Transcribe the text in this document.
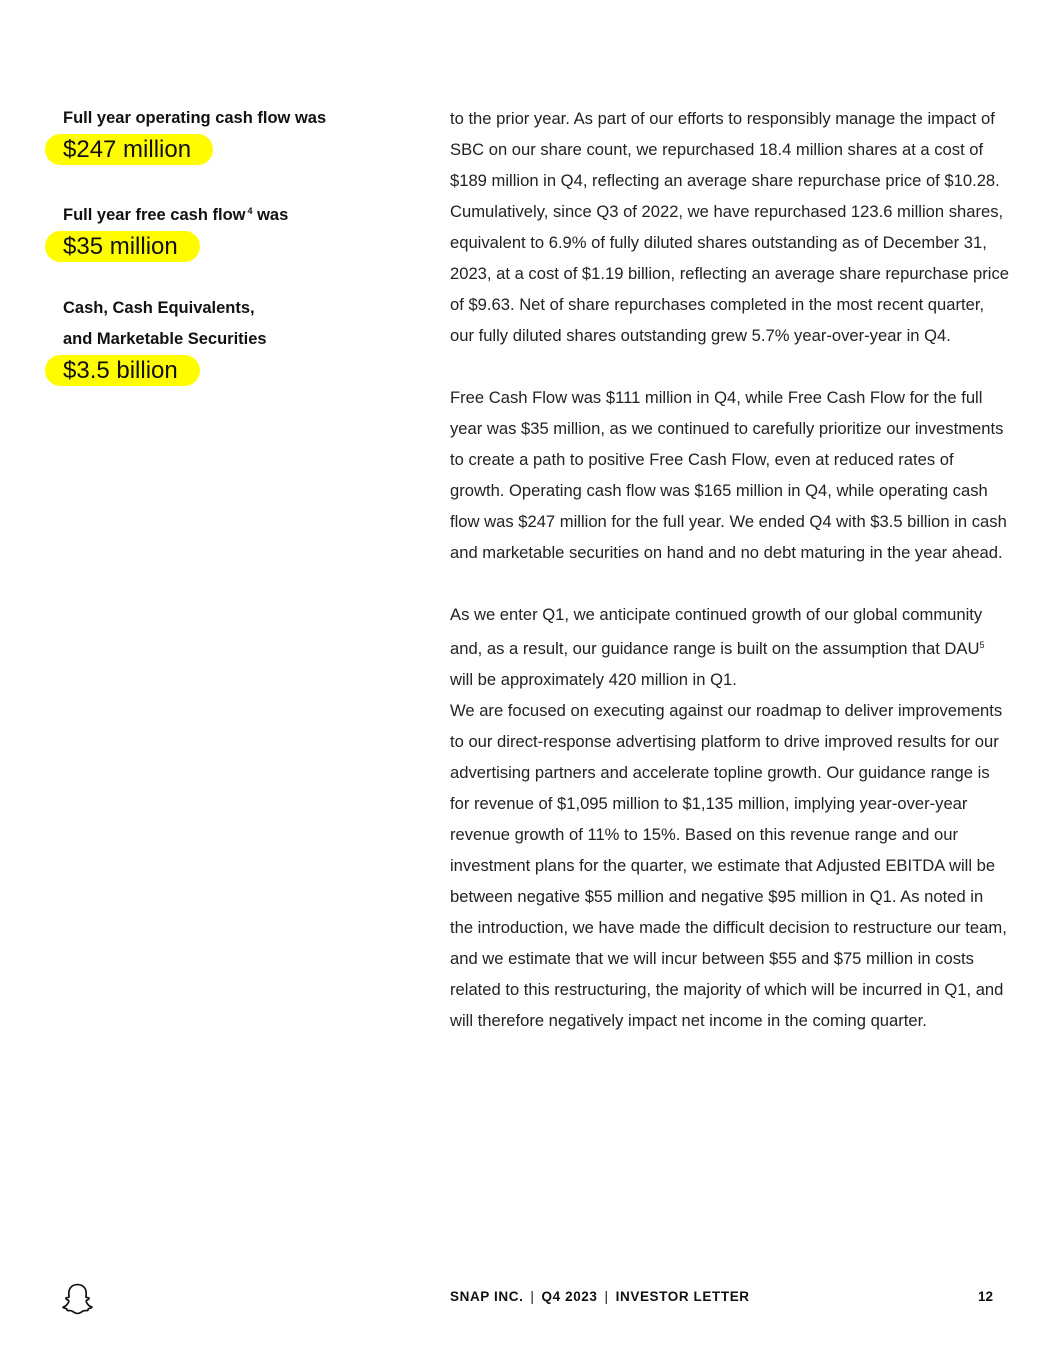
Full year operating cash flow was

$247 million

Full year free cash flow $^4$ was

$35 million

Cash, Cash Equivalents,

and Marketable Securities

$3.5 billion

to the prior year. As part of our efforts to responsibly manage the impact of SBC on our share count, we repurchased 18.4 million shares at a cost of $189 million in Q4, reflecting an average share repurchase price of $10.28. Cumulatively, since Q3 of 2022, we have repurchased 123.6 million shares, equivalent to 6.9% of fully diluted shares outstanding as of December 31, 2023, at a cost of $1.19 billion, reflecting an average share repurchase price of $9.63. Net of share repurchases completed in the most recent quarter, our fully diluted shares outstanding grew 5.7% year-over-year in Q4.

Free Cash Flow was $111 million in Q4, while Free Cash Flow for the full year was $35 million, as we continued to carefully prioritize our investments to create a path to positive Free Cash Flow, even at reduced rates of growth. Operating cash flow was $165 million in Q4, while operating cash flow was $247 million for the full year. We ended Q4 with $3.5 billion in cash and marketable securities on hand and no debt maturing in the year ahead.

As we enter Q1, we anticipate continued growth of our global community and, as a result, our guidance range is built on the assumption that DAU$^5$ will be approximately 420 million in Q1.
We are focused on executing against our roadmap to deliver improvements to our direct-response advertising platform to drive improved results for our advertising partners and accelerate topline growth. Our guidance range is for revenue of $1,095 million to $1,135 million, implying year-over-year revenue growth of 11% to 15%. Based on this revenue range and our investment plans for the quarter, we estimate that Adjusted EBITDA will be between negative $55 million and negative $95 million in Q1. As noted in the introduction, we have made the difficult decision to restructure our team, and we estimate that we will incur between $55 and $75 million in costs related to this restructuring, the majority of which will be incurred in Q1, and will therefore negatively impact net income in the coming quarter.

SNAP INC. | Q4 2023 | INVESTOR LETTER	12
